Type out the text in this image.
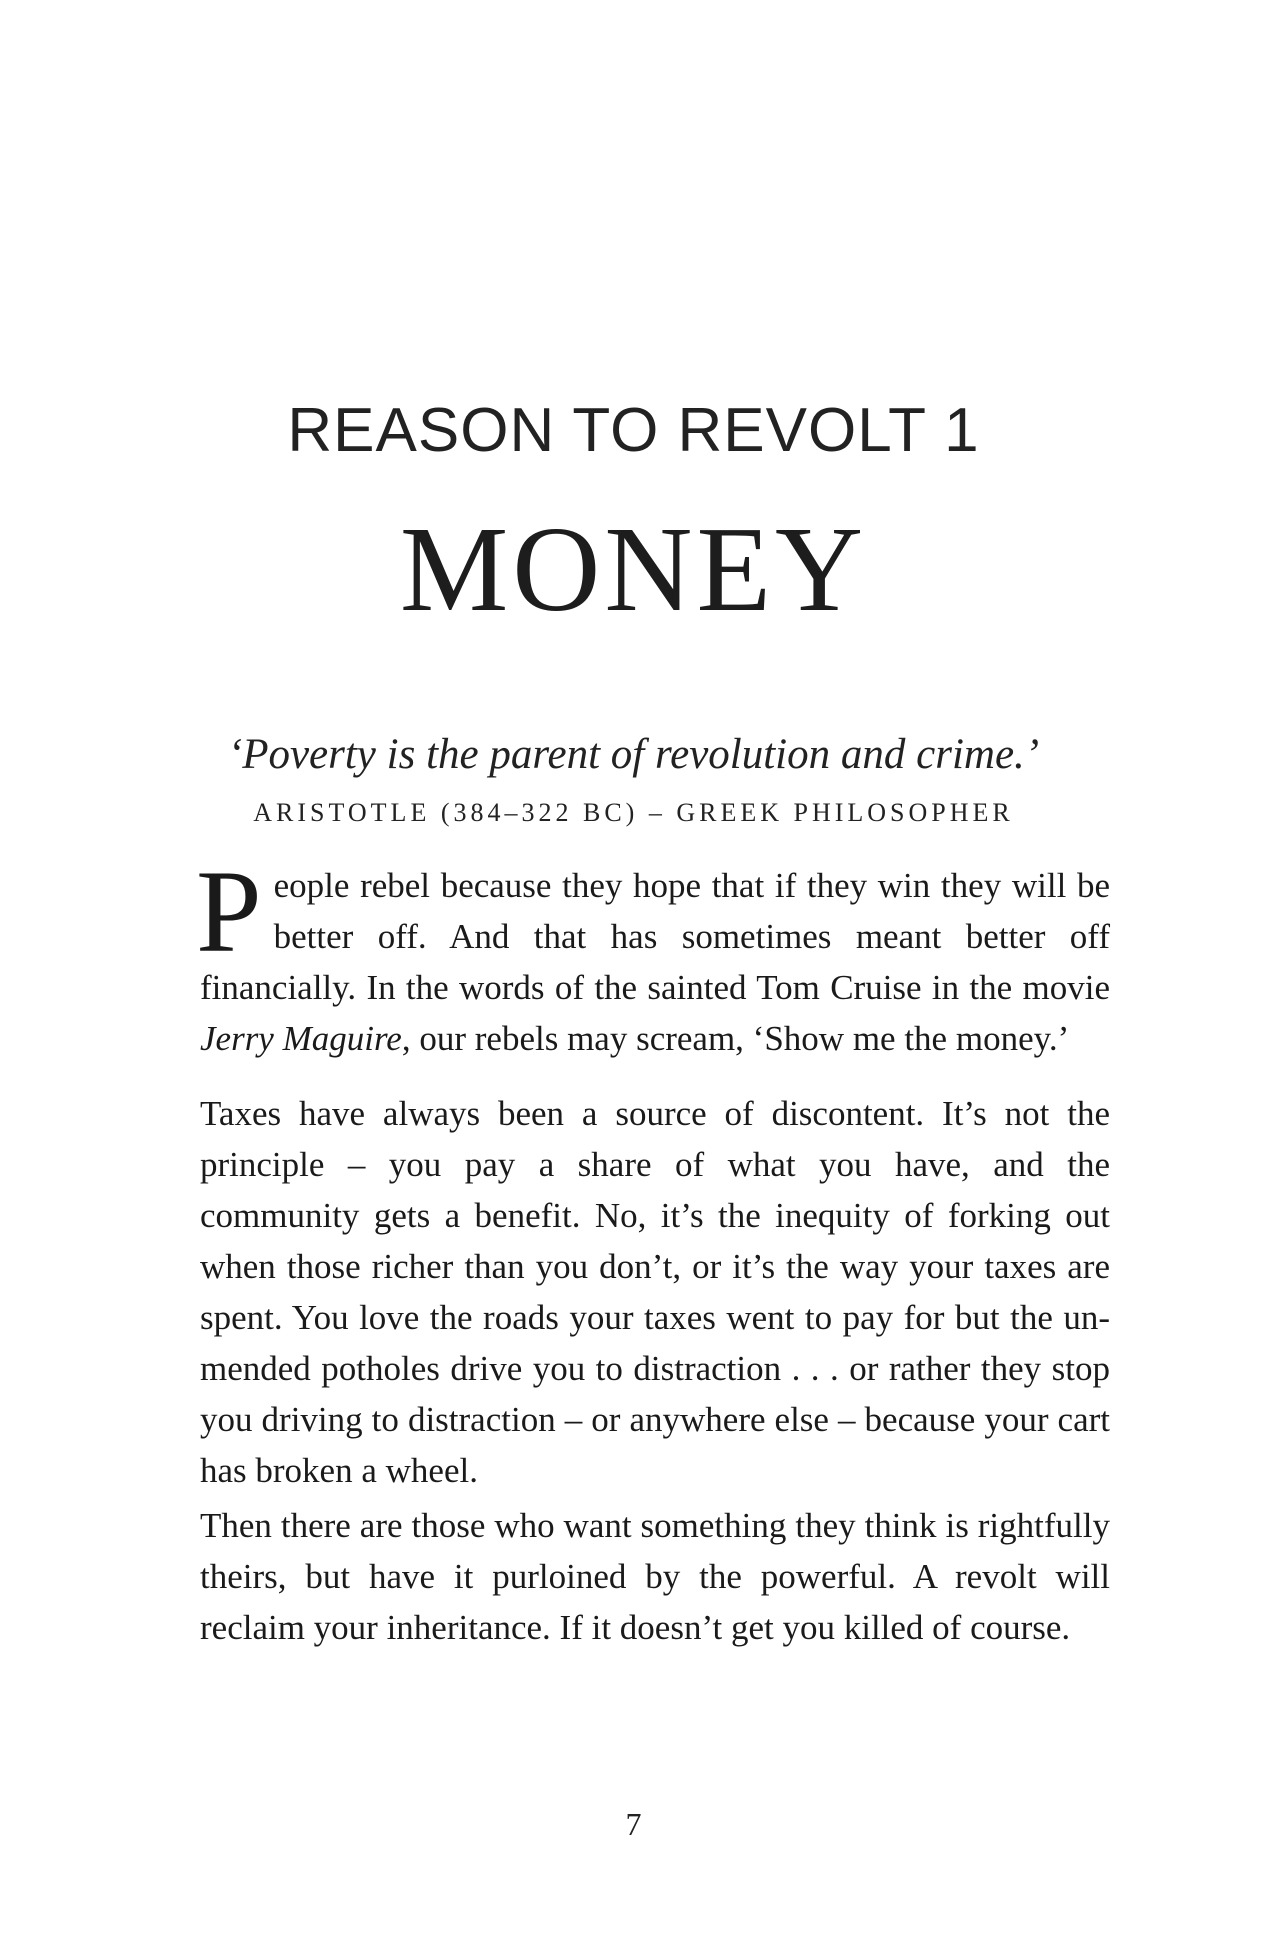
REASON TO REVOLT 1
MONEY
‘Poverty is the parent of revolution and crime.’
ARISTOTLE (384–322 BC) – GREEK PHILOSOPHER

People rebel because they hope that if they win they will be better off. And that has sometimes meant better off financially. In the words of the sainted Tom Cruise in the movie Jerry Maguire, our rebels may scream, ‘Show me the money.’

Taxes have always been a source of discontent. It’s not the principle – you pay a share of what you have, and the community gets a benefit. No, it’s the inequity of forking out when those richer than you don’t, or it’s the way your taxes are spent. You love the roads your taxes went to pay for but the un-mended potholes drive you to distraction . . . or rather they stop you driving to distraction – or anywhere else – because your cart has broken a wheel.

Then there are those who want something they think is rightfully theirs, but have it purloined by the powerful. A revolt will reclaim your inheritance. If it doesn’t get you killed of course.

7
